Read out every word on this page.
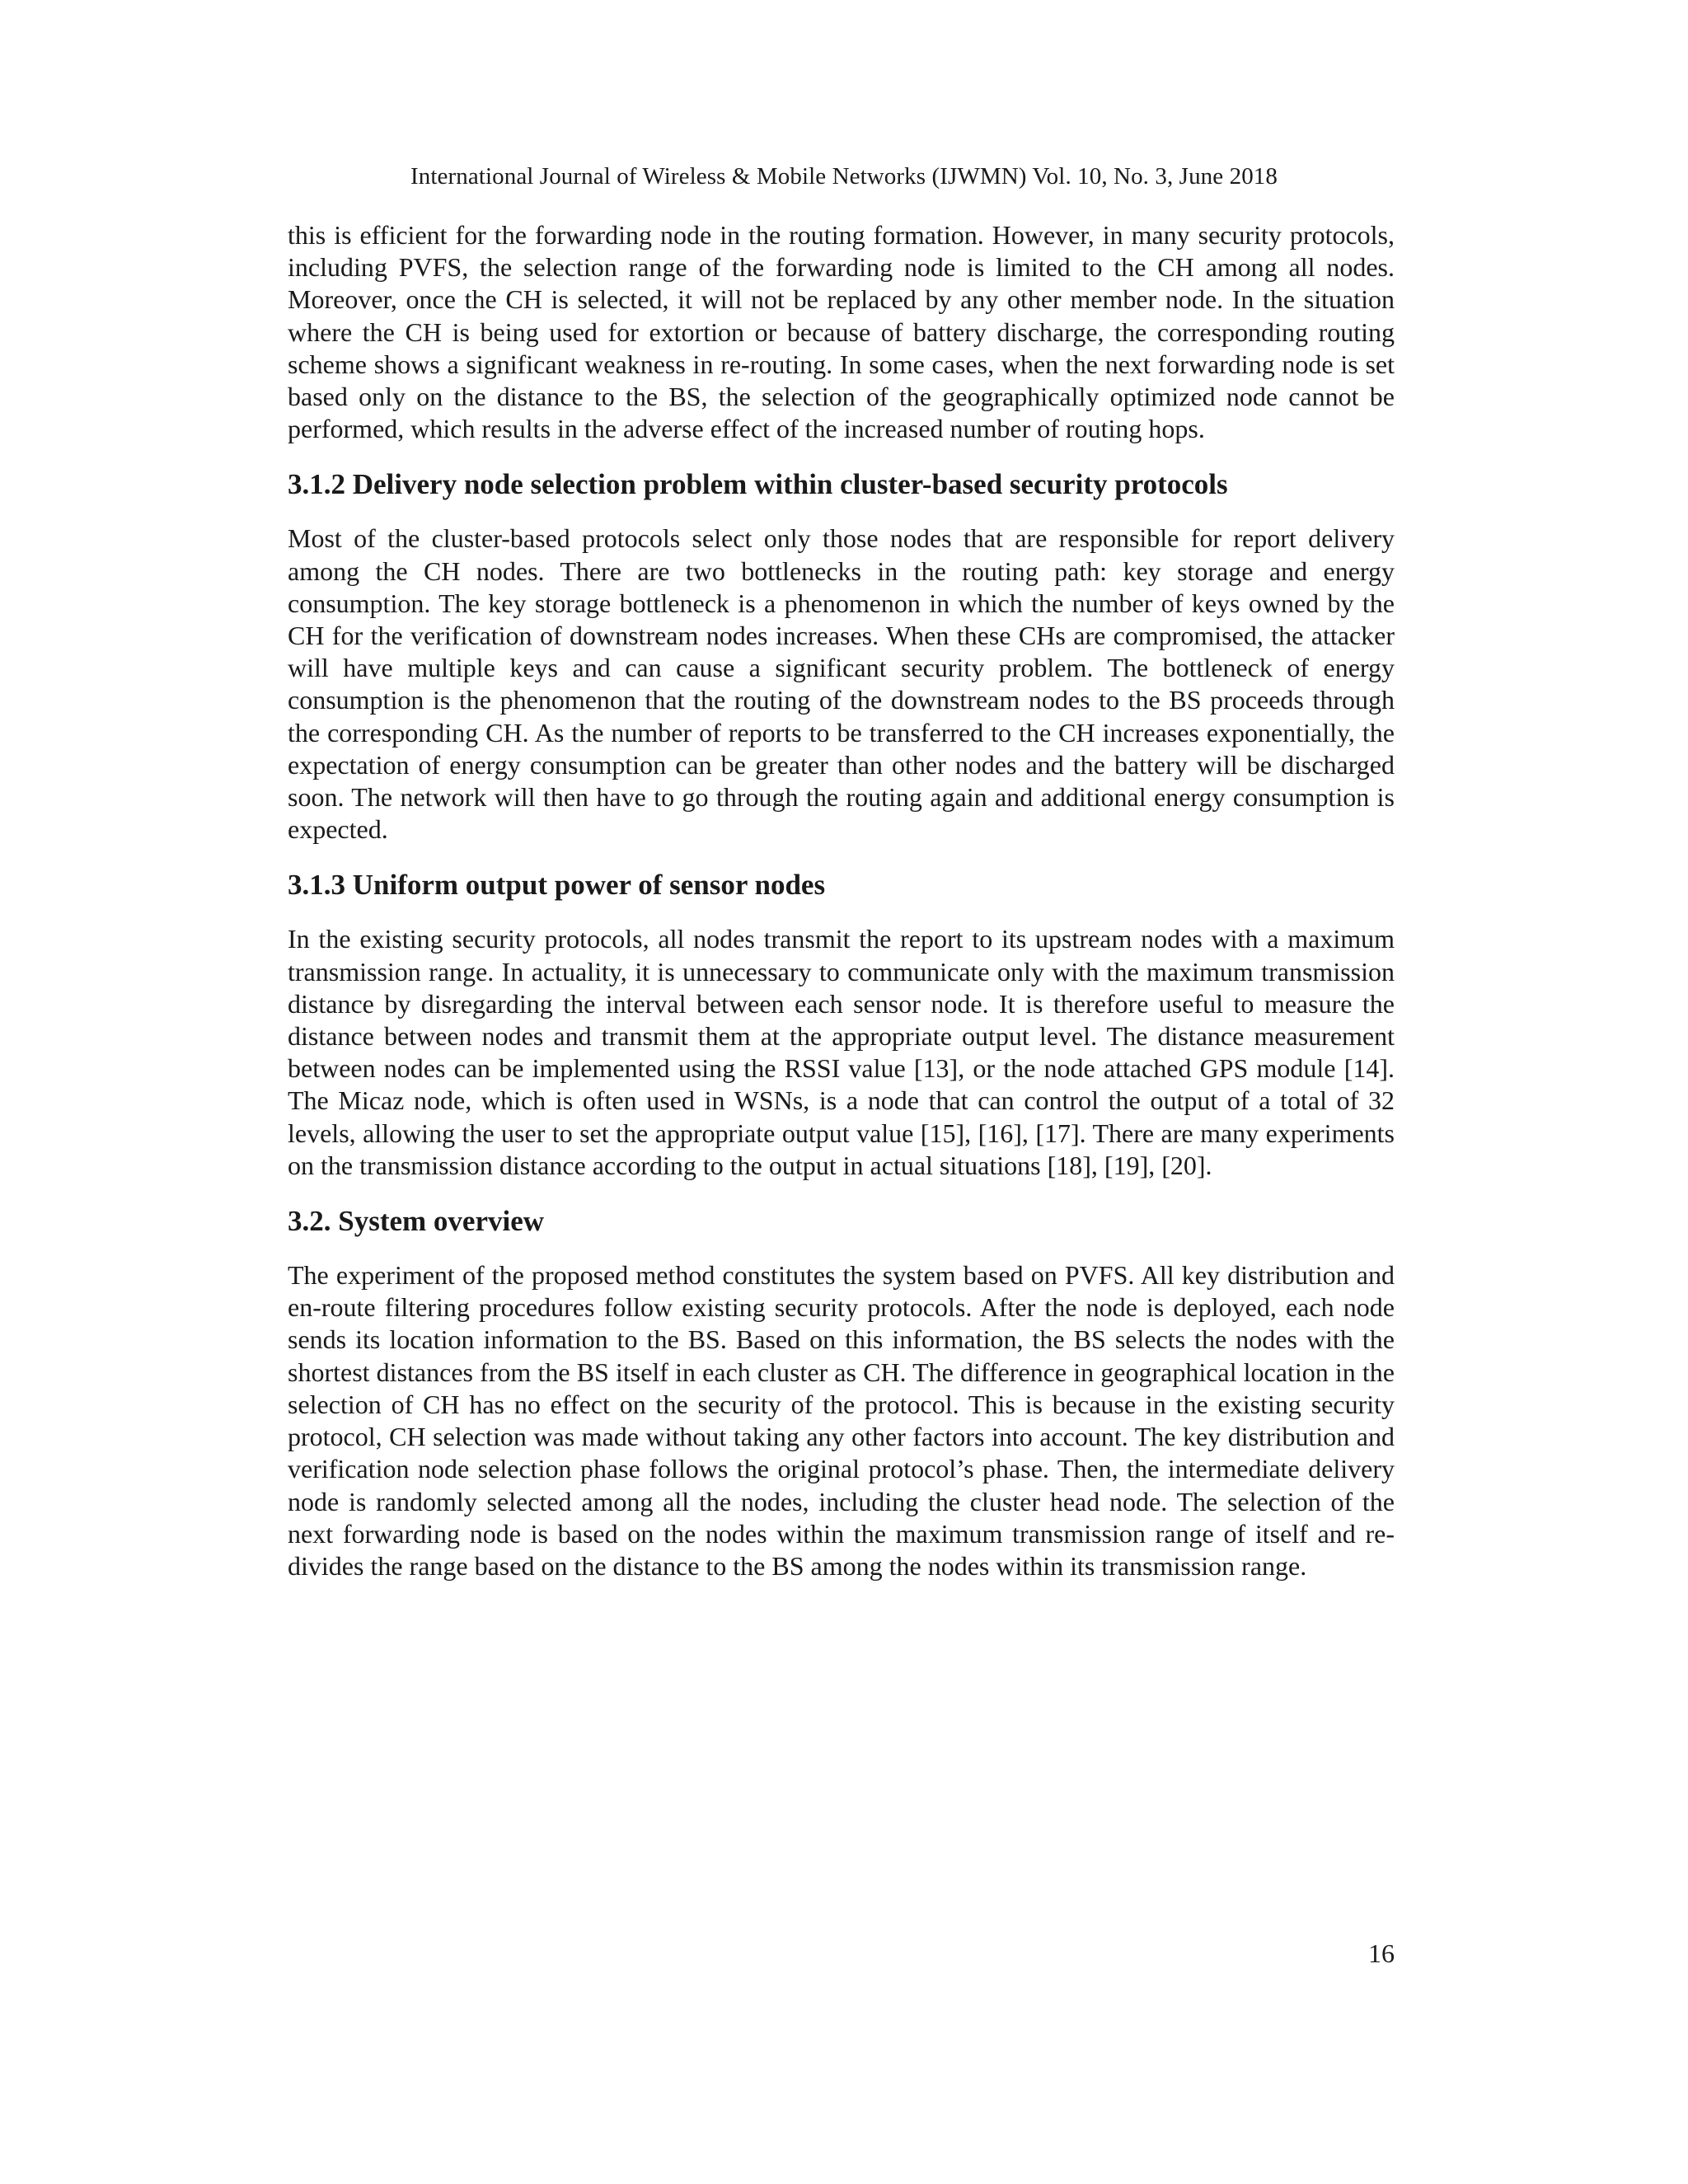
International Journal of Wireless & Mobile Networks (IJWMN) Vol. 10, No. 3, June 2018

this is efficient for the forwarding node in the routing formation. However, in many security protocols, including PVFS, the selection range of the forwarding node is limited to the CH among all nodes. Moreover, once the CH is selected, it will not be replaced by any other member node. In the situation where the CH is being used for extortion or because of battery discharge, the corresponding routing scheme shows a significant weakness in re-routing. In some cases, when the next forwarding node is set based only on the distance to the BS, the selection of the geographically optimized node cannot be performed, which results in the adverse effect of the increased number of routing hops.

3.1.2 Delivery node selection problem within cluster-based security protocols

Most of the cluster-based protocols select only those nodes that are responsible for report delivery among the CH nodes. There are two bottlenecks in the routing path: key storage and energy consumption. The key storage bottleneck is a phenomenon in which the number of keys owned by the CH for the verification of downstream nodes increases. When these CHs are compromised, the attacker will have multiple keys and can cause a significant security problem. The bottleneck of energy consumption is the phenomenon that the routing of the downstream nodes to the BS proceeds through the corresponding CH. As the number of reports to be transferred to the CH increases exponentially, the expectation of energy consumption can be greater than other nodes and the battery will be discharged soon. The network will then have to go through the routing again and additional energy consumption is expected.

3.1.3 Uniform output power of sensor nodes

In the existing security protocols, all nodes transmit the report to its upstream nodes with a maximum transmission range. In actuality, it is unnecessary to communicate only with the maximum transmission distance by disregarding the interval between each sensor node. It is therefore useful to measure the distance between nodes and transmit them at the appropriate output level. The distance measurement between nodes can be implemented using the RSSI value [13], or the node attached GPS module [14]. The Micaz node, which is often used in WSNs, is a node that can control the output of a total of 32 levels, allowing the user to set the appropriate output value [15], [16], [17]. There are many experiments on the transmission distance according to the output in actual situations [18], [19], [20].

3.2. System overview

The experiment of the proposed method constitutes the system based on PVFS. All key distribution and en-route filtering procedures follow existing security protocols. After the node is deployed, each node sends its location information to the BS. Based on this information, the BS selects the nodes with the shortest distances from the BS itself in each cluster as CH. The difference in geographical location in the selection of CH has no effect on the security of the protocol. This is because in the existing security protocol, CH selection was made without taking any other factors into account. The key distribution and verification node selection phase follows the original protocol’s phase. Then, the intermediate delivery node is randomly selected among all the nodes, including the cluster head node. The selection of the next forwarding node is based on the nodes within the maximum transmission range of itself and re-divides the range based on the distance to the BS among the nodes within its transmission range.

16
